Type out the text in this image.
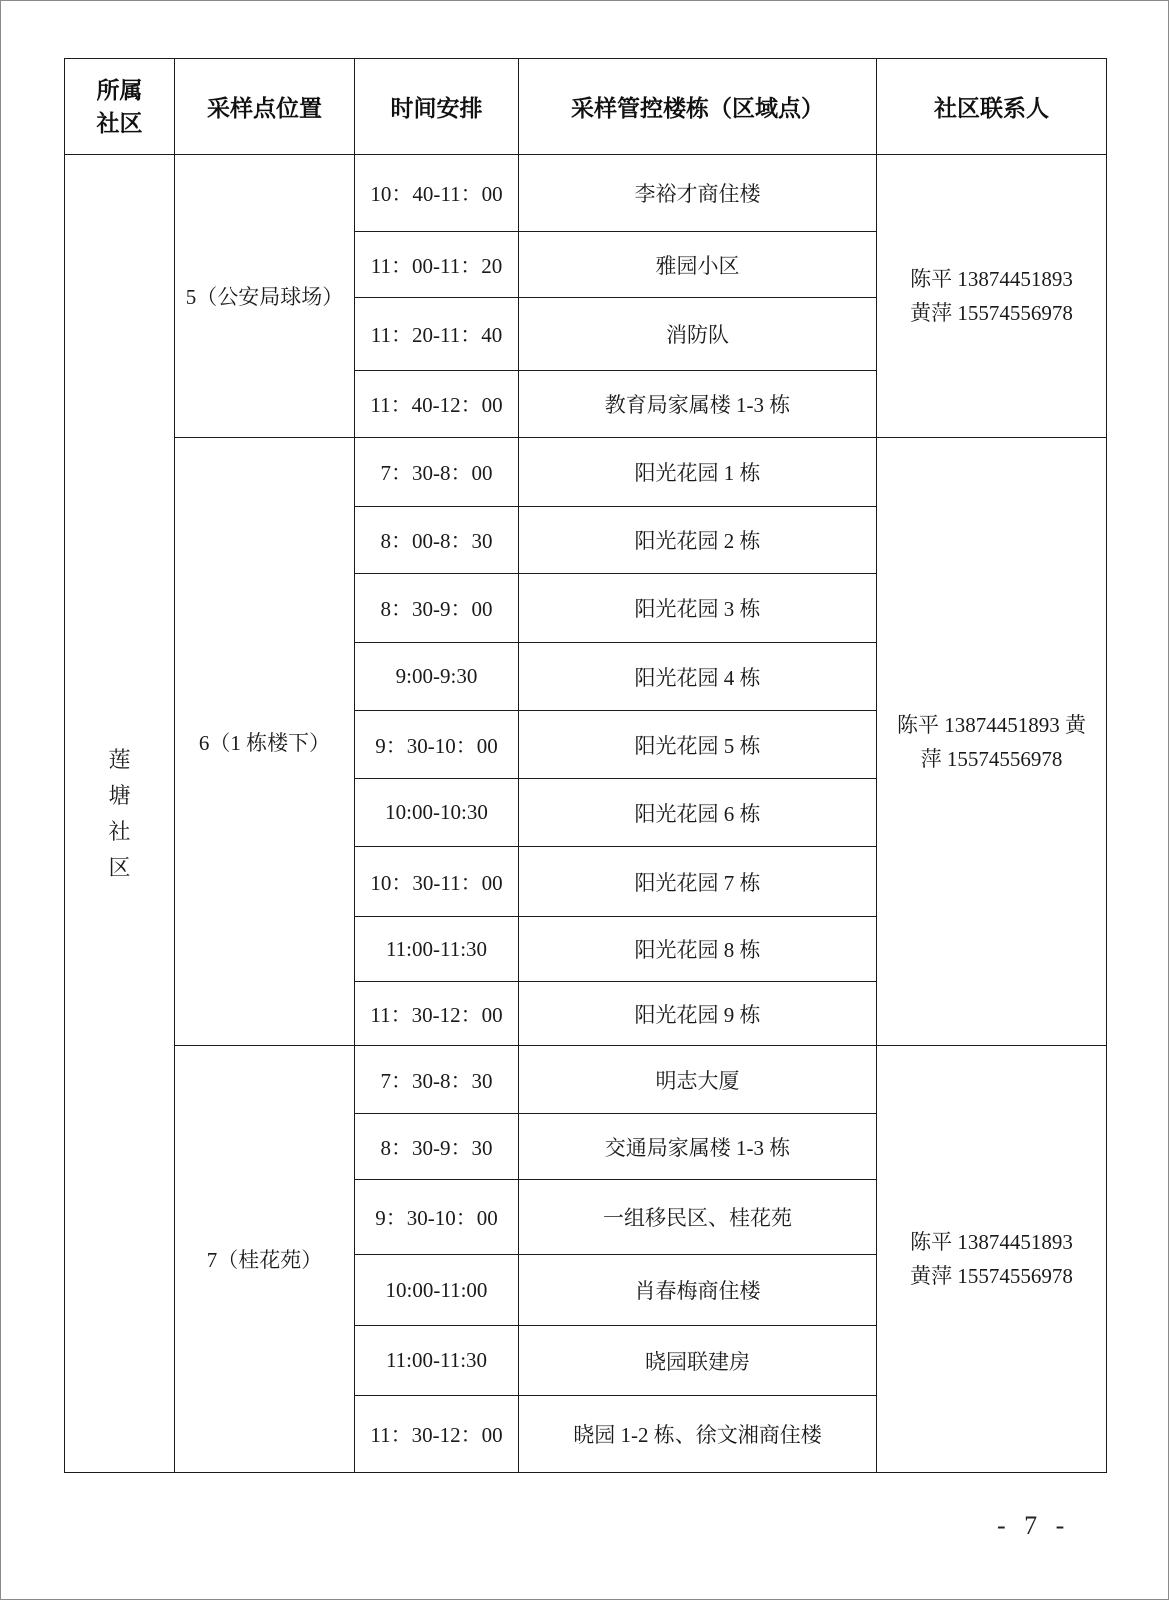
所属社区	采样点位置	时间安排	采样管控楼栋（区域点）	社区联系人
莲塘社区	5（公安局球场）	10：40-11：00	李裕才商住楼	陈平 13874451893
黄萍 15574556978

		11：00-11：20	雅园小区	
		11：20-11：40	消防队	
		11：40-12：00	教育局家属楼 1-3 栋	
	6（1 栋楼下）	7：30-8：00	阳光花园 1 栋	陈平 13874451893 黄萍 15574556978
		8：00-8：30	阳光花园 2 栋	
		8：30-9：00	阳光花园 3 栋	
		9:00-9:30	阳光花园 4 栋	
		9：30-10：00	阳光花园 5 栋	
		10:00-10:30	阳光花园 6 栋	
		10：30-11：00	阳光花园 7 栋	
		11:00-11:30	阳光花园 8 栋	
		11：30-12：00	阳光花园 9 栋	
	7（桂花苑）	7：30-8：30	明志大厦	陈平 13874451893
黄萍 15574556978

		8：30-9：30	交通局家属楼 1-3 栋	
		9：30-10：00	一组移民区、桂花苑	
		10:00-11:00	肖春梅商住楼	
		11:00-11:30	晓园联建房	
		11：30-12：00	晓园 1-2 栋、徐文湘商住楼	
- 7 -
